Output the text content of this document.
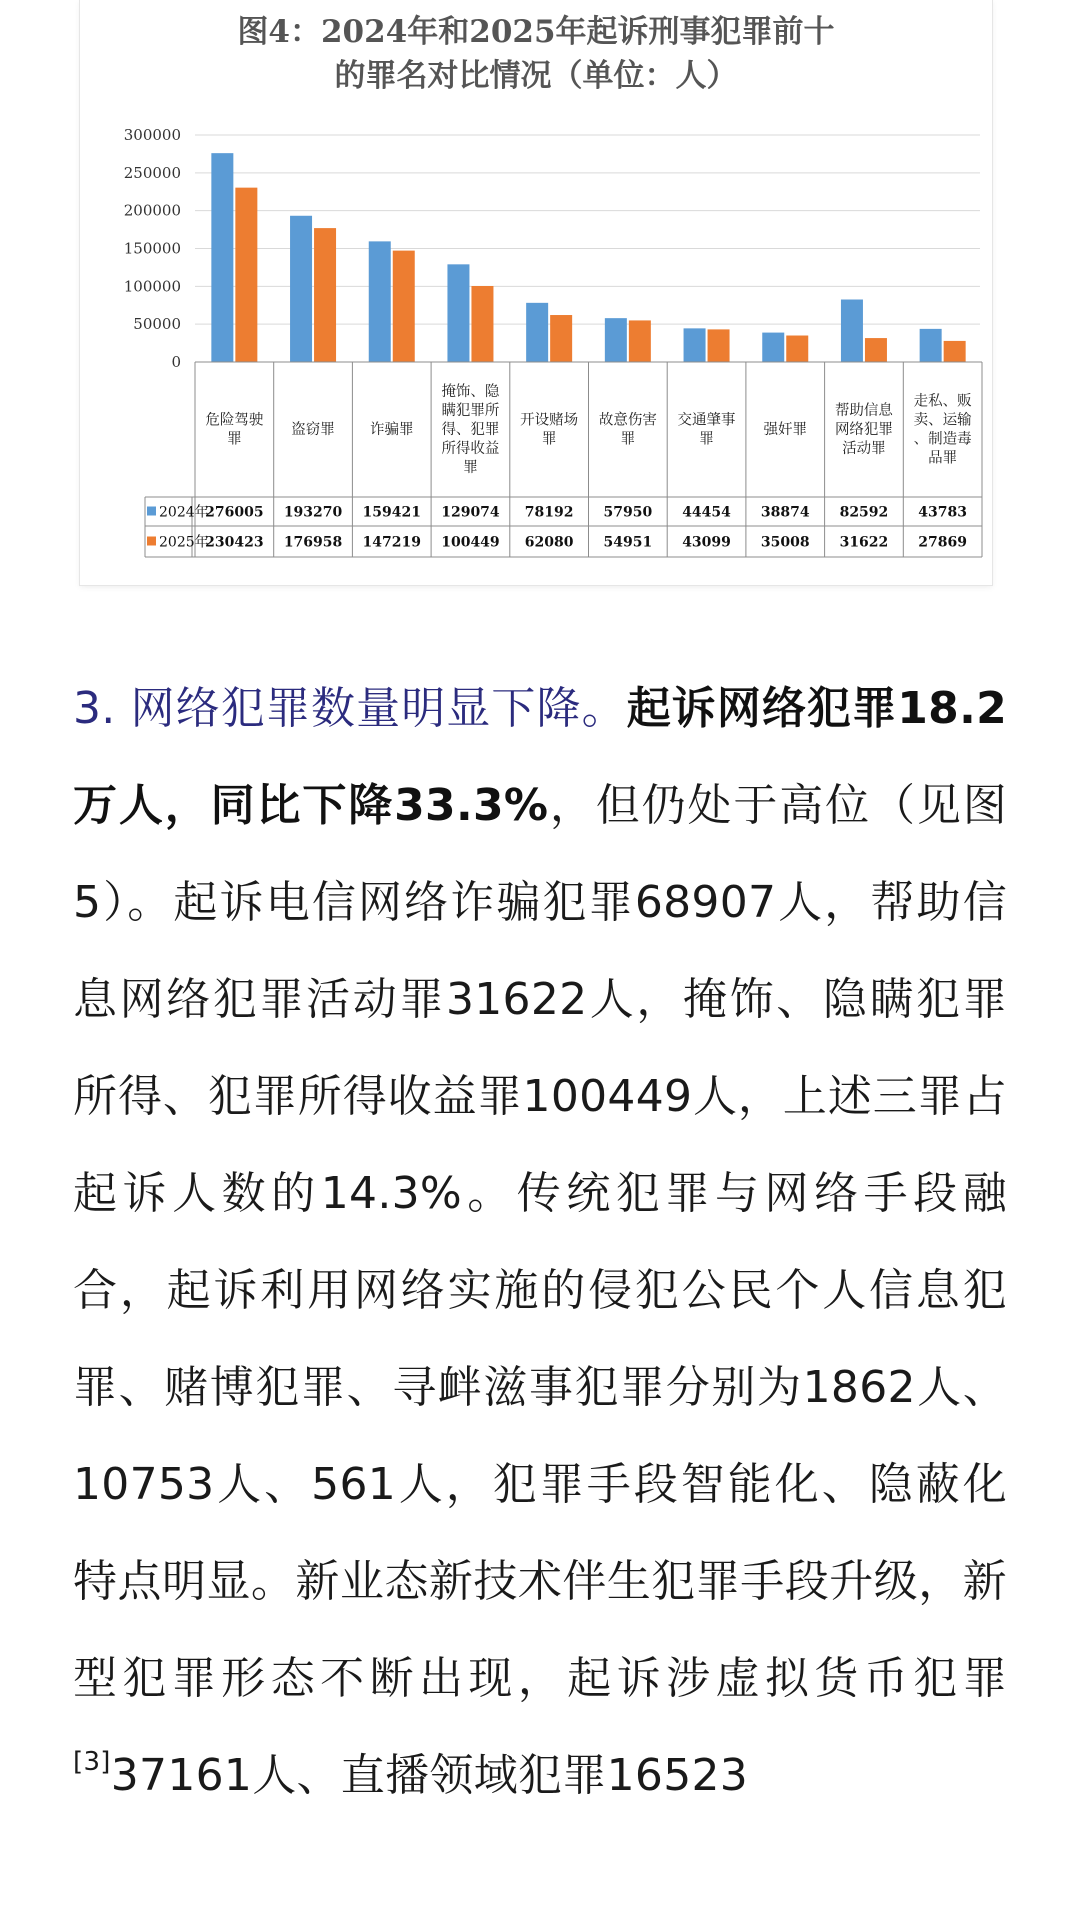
图4：2024年和2025年起诉刑事犯罪前十
的罪名对比情况（单位：人）
300000
250000
200000
150000
100000
50000
0
危险驾驶
罪
盗窃罪 诈骗罪
掩饰、隐
瞒犯罪所
得、犯罪
所得收益
罪
开设赌场
罪
故意伤害
罪
交通肇事
罪
强奸罪
帮助信息
网络犯罪
活动罪
走私、贩
卖、运输
、制造毒
品罪
2024年
276005 193270 159421 129074 78192 57950 44454 38874 82592 43783
2025年
230423 176958 147219 100449 62080 54951 43099 35008 31622 27869
3. 网络犯罪数量明显下降。起诉网络犯罪18.2万人，同比下降33.3%，但仍处于高位（见图5）。起诉电信网络诈骗犯罪68907人，帮助信息网络犯罪活动罪31622人，掩饰、隐瞒犯罪所得、犯罪所得收益罪100449人，上述三罪占起诉人数的14.3%。传统犯罪与网络手段融合，起诉利用网络实施的侵犯公民个人信息犯罪、赌博犯罪、寻衅滋事犯罪分别为1862人、10753人、561人，犯罪手段智能化、隐蔽化特点明显。新业态新技术伴生犯罪手段升级，新型犯罪形态不断出现，起诉涉虚拟货币犯罪[3]37161人、直播领域犯罪16523
